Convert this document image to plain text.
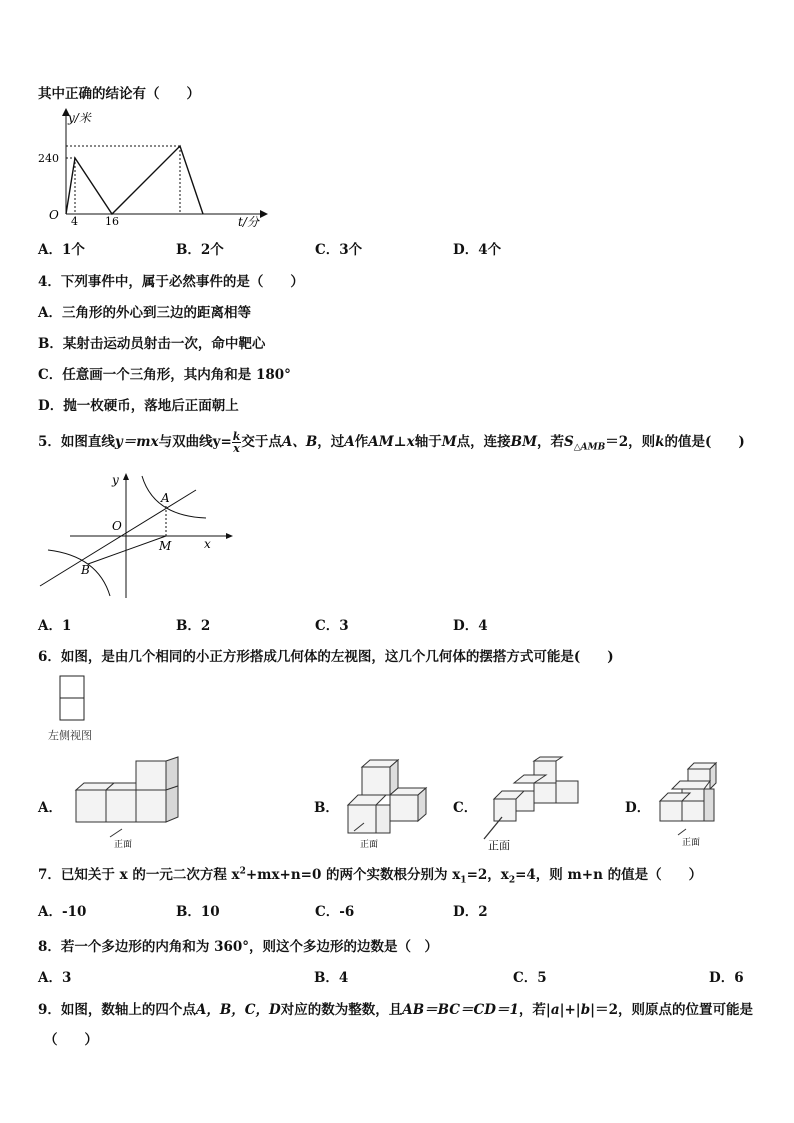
其中正确的结论有（　　）
y/米
t/分
O
240
4 16
A．1个	B．2个	C．3个	D．4个
4．下列事件中，属于必然事件的是（　　）
A．三角形的外心到三边的距离相等
B．某射击运动员射击一次，命中靶心
C．任意画一个三角形，其内角和是 180°
D．抛一枚硬币，落地后正面朝上
5．如图直线y＝mx与双曲线$y= \frac{k}{x}$ 交于点A、B，过A作AM⊥x轴于M点，连接BM，若$S_{\triangle AMB}=2$，则k的值是(　　)
y
x
O
A
B
M
A．1	B．2	C．3	D．4
6．如图，是由几个相同的小正方形搭成几何体的左视图，这几个几何体的摆搭方式可能是(　　)
左侧视图
A．
正面
B．
正面
C．
正面
D．
正面
7．已知关于 x 的一元二次方程 $x^2+mx+n=0$ 的两个实数根分别为 $x_1=2$，$x_2=4$，则 m+n 的值是（　　）
A．-10	B．10	C．-6	D．2
8．若一个多边形的内角和为 360°，则这个多边形的边数是（　）
A．3	B．4	C．5	D．6
9．如图，数轴上的四个点A，B，C，D对应的数为整数，且AB＝BC＝CD＝1，若|a|+|b|＝2，则原点的位置可能是
（　　）
